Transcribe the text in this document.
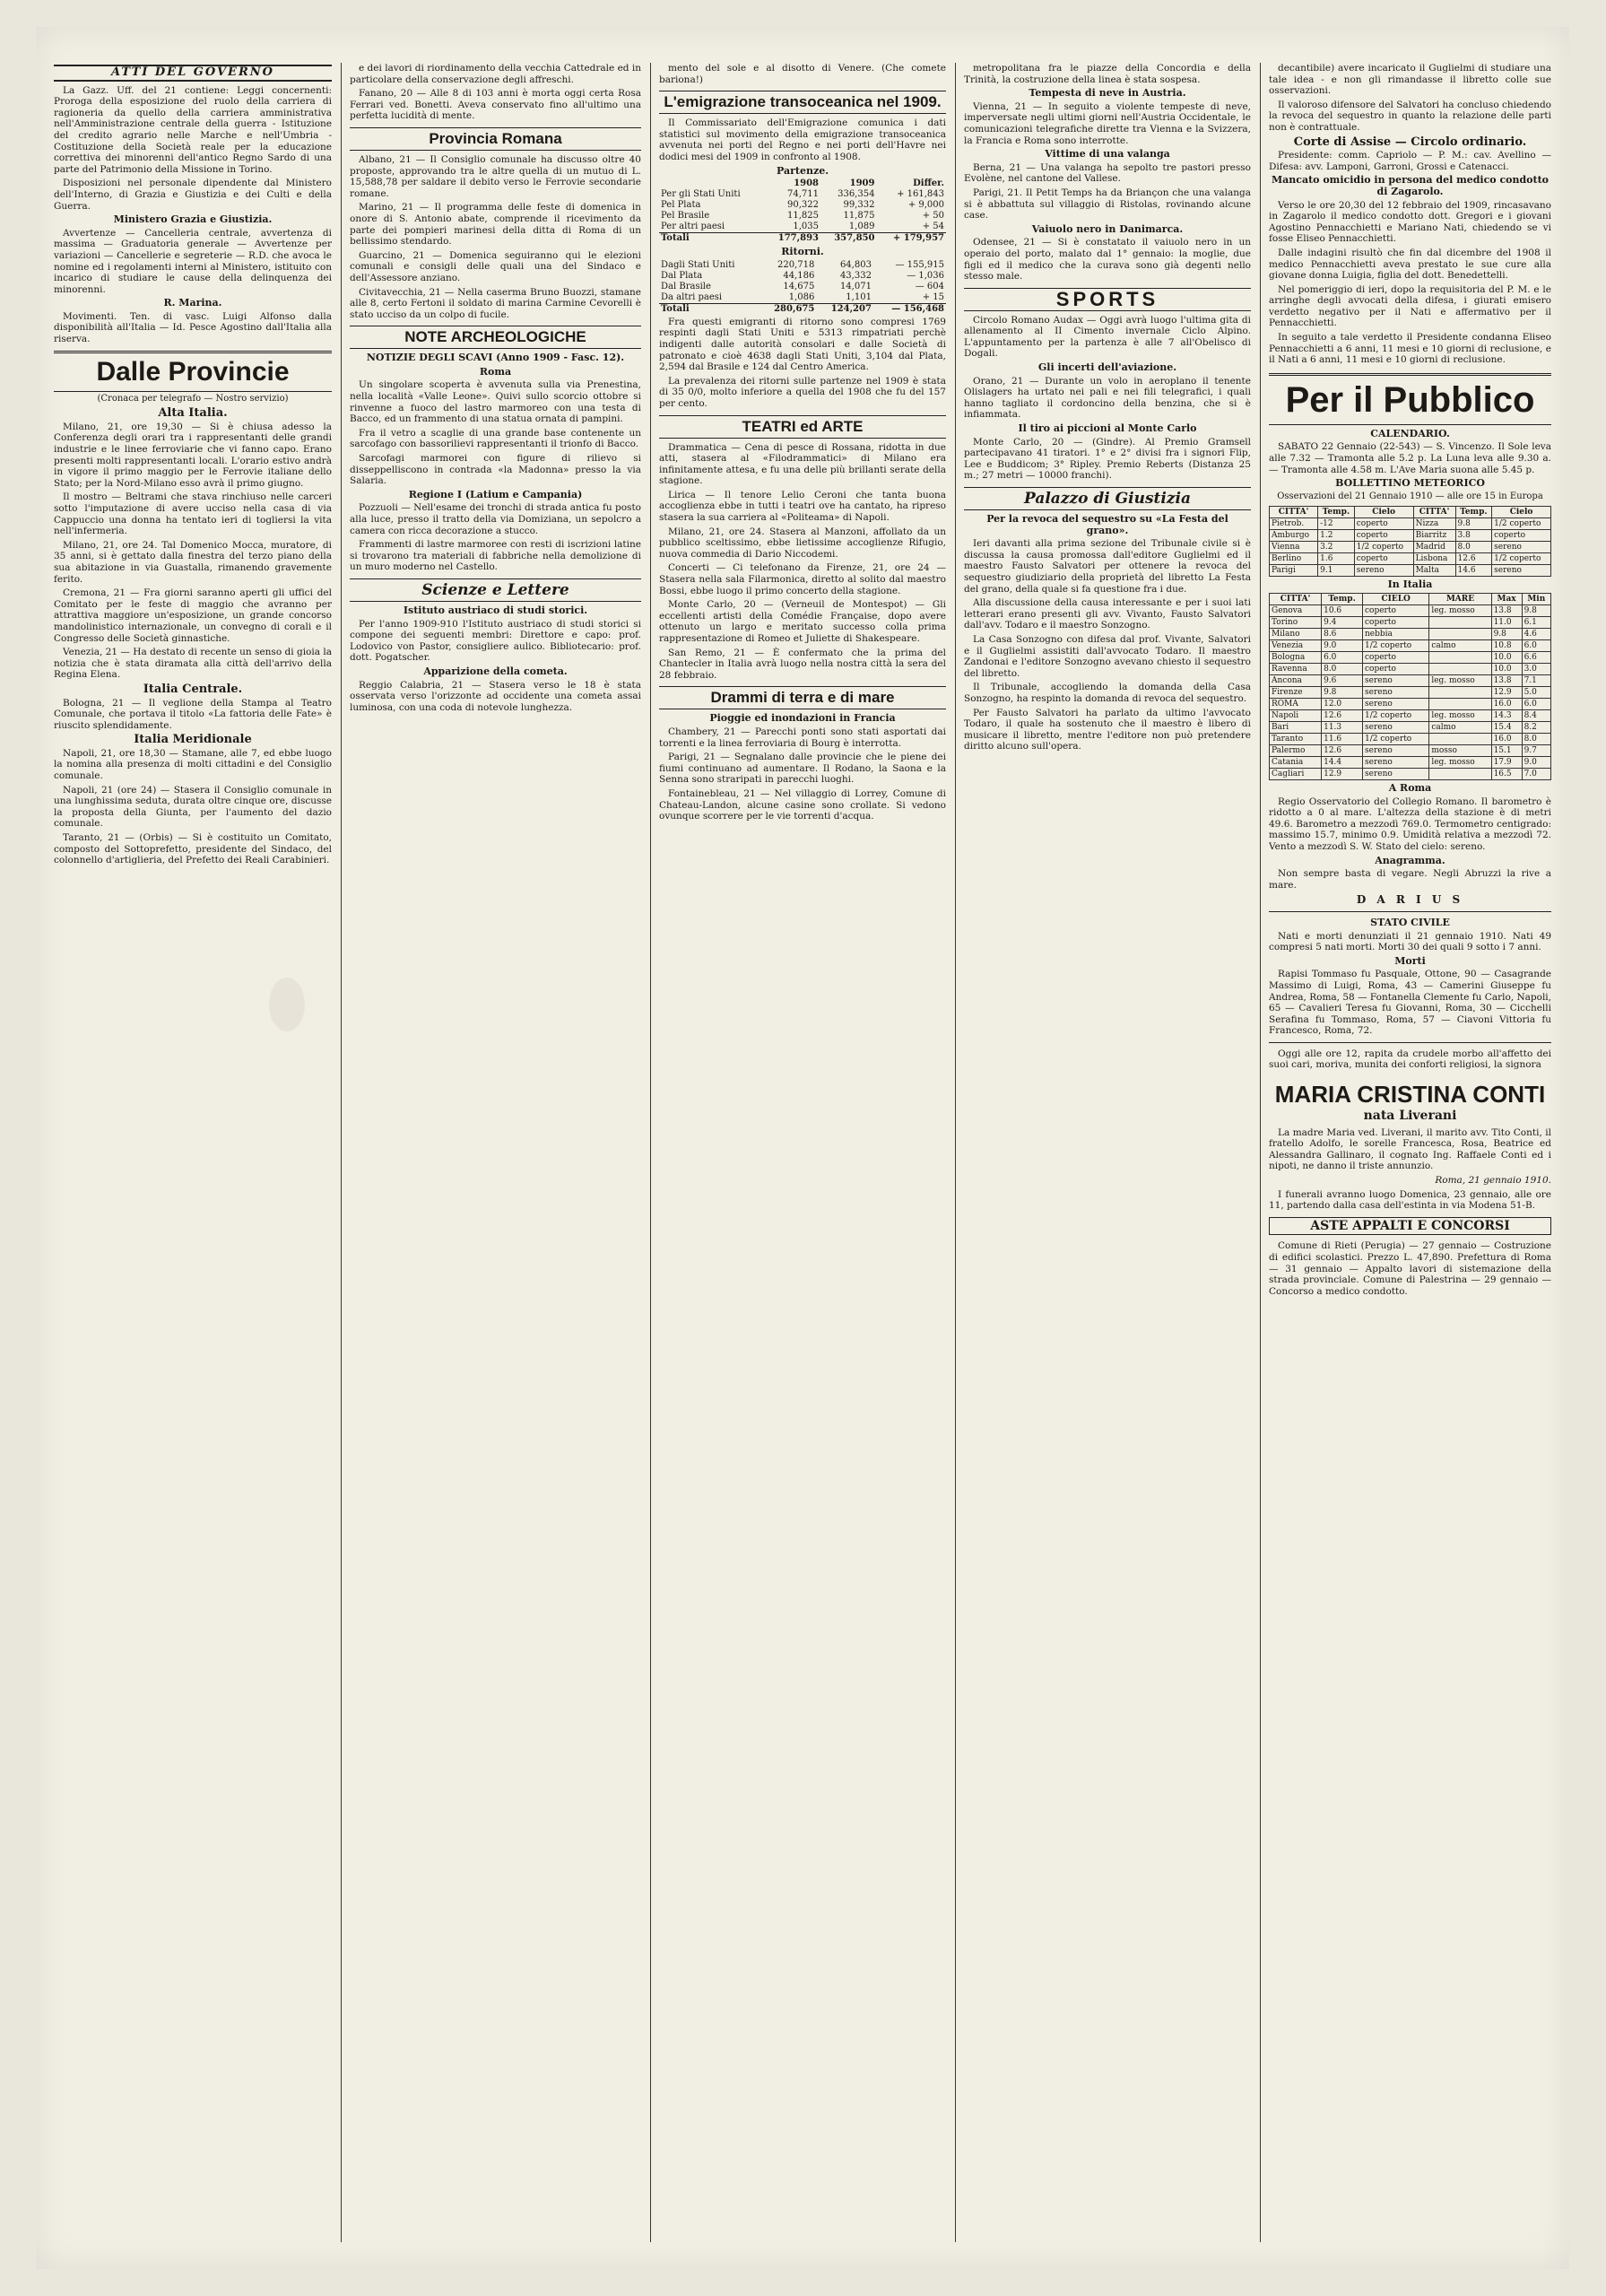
ATTI DEL GOVERNO

La Gazz. Uff. del 21 contiene: Leggi concernenti: Proroga della esposizione del ruolo della carriera di ragioneria da quello della carriera amministrativa nell'Amministrazione centrale della guerra - Istituzione del credito agrario nelle Marche e nell'Umbria - Costituzione della Società reale per la educazione correttiva dei minorenni dell'antico Regno Sardo di una parte del Patrimonio della Missione in Torino.

Disposizioni nel personale dipendente dal Ministero dell'Interno, di Grazia e Giustizia e dei Culti e della Guerra.

Ministero Grazia e Giustizia.

Avvertenze — Cancelleria centrale, avvertenza di massima — Graduatoria generale — Avvertenze per variazioni — Cancellerie e segreterie — R.D. che avoca le nomine ed i regolamenti interni al Ministero, istituito con incarico di studiare le cause della delinquenza dei minorenni.

R. Marina.

Movimenti. Ten. di vasc. Luigi Alfonso dalla disponibilità all'Italia — Id. Pesce Agostino dall'Italia alla riserva.

Dalle Provincie
(Cronaca per telegrafo — Nostro servizio)
Alta Italia.

Milano, 21, ore 19,30 — Si è chiusa adesso la Conferenza degli orari tra i rappresentanti delle grandi industrie e le linee ferroviarie che vi fanno capo. Erano presenti molti rappresentanti locali. L'orario estivo andrà in vigore il primo maggio per le Ferrovie italiane dello Stato; per la Nord-Milano esso avrà il primo giugno.

Il mostro — Beltrami che stava rinchiuso nelle carceri sotto l'imputazione di avere ucciso nella casa di via Cappuccio una donna ha tentato ieri di togliersi la vita nell'infermeria.

Milano, 21, ore 24. Tal Domenico Mocca, muratore, di 35 anni, si è gettato dalla finestra del terzo piano della sua abitazione in via Guastalla, rimanendo gravemente ferito.

Cremona, 21 — Fra giorni saranno aperti gli uffici del Comitato per le feste di maggio che avranno per attrattiva maggiore un'esposizione, un grande concorso mandolinistico internazionale, un convegno di corali e il Congresso delle Società ginnastiche.

Venezia, 21 — Ha destato di recente un senso di gioia la notizia che è stata diramata alla città dell'arrivo della Regina Elena.

Italia Centrale.

Bologna, 21 — Il veglione della Stampa al Teatro Comunale, che portava il titolo «La fattoria delle Fate» è riuscito splendidamente.

Italia Meridionale

Napoli, 21, ore 18,30 — Stamane, alle 7, ed ebbe luogo la nomina alla presenza di molti cittadini e del Consiglio comunale.

Napoli, 21 (ore 24) — Stasera il Consiglio comunale in una lunghissima seduta, durata oltre cinque ore, discusse la proposta della Giunta, per l'aumento del dazio comunale.

Taranto, 21 — (Orbis) — Si è costituito un Comitato, composto del Sottoprefetto, presidente del Sindaco, del colonnello d'artiglieria, del Prefetto dei Reali Carabinieri.

e dei lavori di riordinamento della vecchia Cattedrale ed in particolare della conservazione degli affreschi.

Fanano, 20 — Alle 8 di 103 anni è morta oggi certa Rosa Ferrari ved. Bonetti. Aveva conservato fino all'ultimo una perfetta lucidità di mente.

Provincia Romana

Albano, 21 — Il Consiglio comunale ha discusso oltre 40 proposte, approvando tra le altre quella di un mutuo di L. 15,588,78 per saldare il debito verso le Ferrovie secondarie romane.

Marino, 21 — Il programma delle feste di domenica in onore di S. Antonio abate, comprende il ricevimento da parte dei pompieri marinesi della ditta di Roma di un bellissimo stendardo.

Guarcino, 21 — Domenica seguiranno qui le elezioni comunali e consigli delle quali una del Sindaco e dell'Assessore anziano.

Civitavecchia, 21 — Nella caserma Bruno Buozzi, stamane alle 8, certo Fertoni il soldato di marina Carmine Cevorelli è stato ucciso da un colpo di fucile.

NOTE ARCHEOLOGICHE
NOTIZIE DEGLI SCAVI (Anno 1909 - Fasc. 12).
Roma

Un singolare scoperta è avvenuta sulla via Prenestina, nella località «Valle Leone». Quivi sullo scorcio ottobre si rinvenne a fuoco del lastro marmoreo con una testa di Bacco, ed un frammento di una statua ornata di pampini.

Fra il vetro a scaglie di una grande base contenente un sarcofago con bassorilievi rappresentanti il trionfo di Bacco.

Sarcofagi marmorei con figure di rilievo si disseppelliscono in contrada «la Madonna» presso la via Salaria.

Regione I (Latium e Campania)

Pozzuoli — Nell'esame dei tronchi di strada antica fu posto alla luce, presso il tratto della via Domiziana, un sepolcro a camera con ricca decorazione a stucco.

Frammenti di lastre marmoree con resti di iscrizioni latine si trovarono tra materiali di fabbriche nella demolizione di un muro moderno nel Castello.

Scienze e Lettere
Istituto austriaco di studi storici.

Per l'anno 1909-910 l'Istituto austriaco di studi storici si compone dei seguenti membri: Direttore e capo: prof. Lodovico von Pastor, consigliere aulico. Bibliotecario: prof. dott. Pogatscher.

Apparizione della cometa.

Reggio Calabria, 21 — Stasera verso le 18 è stata osservata verso l'orizzonte ad occidente una cometa assai luminosa, con una coda di notevole lunghezza.

mento del sole e al disotto di Venere. (Che comete bariona!)

L'emigrazione transoceanica nel 1909.

Il Commissariato dell'Emigrazione comunica i dati statistici sul movimento della emigrazione transoceanica avvenuta nei porti del Regno e nei porti dell'Havre nei dodici mesi del 1909 in confronto al 1908.

Partenze.
	1908	1909	Differ.
Per gli Stati Uniti	74,711	336,354	+ 161,843
Pel Plata	90,322	99,332	+ 9,000
Pel Brasile	11,825	11,875	+ 50
Per altri paesi	1,035	1,089	+ 54
Totali	177,893	357,850	+ 179,957
Ritorni.
Dagli Stati Uniti	220,718	64,803	— 155,915
Dal Plata	44,186	43,332	— 1,036
Dal Brasile	14,675	14,071	— 604
Da altri paesi	1,086	1,101	+ 15
Totali	280,675	124,207	— 156,468

Fra questi emigranti di ritorno sono compresi 1769 respinti dagli Stati Uniti e 5313 rimpatriati perchè indigenti dalle autorità consolari e dalle Società di patronato e cioè 4638 dagli Stati Uniti, 3,104 dal Plata, 2,594 dal Brasile e 124 dal Centro America.

La prevalenza dei ritorni sulle partenze nel 1909 è stata di 35 0/0, molto inferiore a quella del 1908 che fu del 157 per cento.

TEATRI ed ARTE

Drammatica — Cena di pesce di Rossana, ridotta in due atti, stasera al «Filodrammatici» di Milano era infinitamente attesa, e fu una delle più brillanti serate della stagione.

Lirica — Il tenore Lelio Ceroni che tanta buona accoglienza ebbe in tutti i teatri ove ha cantato, ha ripreso stasera la sua carriera al «Politeama» di Napoli.

Milano, 21, ore 24. Stasera al Manzoni, affollato da un pubblico sceltissimo, ebbe lietissime accoglienze Rifugio, nuova commedia di Dario Niccodemi.

Concerti — Ci telefonano da Firenze, 21, ore 24 — Stasera nella sala Filarmonica, diretto al solito dal maestro Bossi, ebbe luogo il primo concerto della stagione.

Monte Carlo, 20 — (Verneuil de Montespot) — Gli eccellenti artisti della Comédie Française, dopo avere ottenuto un largo e meritato successo colla prima rappresentazione di Romeo et Juliette di Shakespeare.

San Remo, 21 — È confermato che la prima del Chantecler in Italia avrà luogo nella nostra città la sera del 28 febbraio.

Drammi di terra e di mare
Pioggie ed inondazioni in Francia

Chambery, 21 — Parecchi ponti sono stati asportati dai torrenti e la linea ferroviaria di Bourg è interrotta.

Parigi, 21 — Segnalano dalle provincie che le piene dei fiumi continuano ad aumentare. Il Rodano, la Saona e la Senna sono straripati in parecchi luoghi.

Fontainebleau, 21 — Nel villaggio di Lorrey, Comune di Chateau-Landon, alcune casine sono crollate. Si vedono ovunque scorrere per le vie torrenti d'acqua.

metropolitana fra le piazze della Concordia e della Trinità, la costruzione della linea è stata sospesa.

Tempesta di neve in Austria.

Vienna, 21 — In seguito a violente tempeste di neve, imperversate negli ultimi giorni nell'Austria Occidentale, le comunicazioni telegrafiche dirette tra Vienna e la Svizzera, la Francia e Roma sono interrotte.

Vittime di una valanga

Berna, 21 — Una valanga ha sepolto tre pastori presso Evolène, nel cantone del Vallese.

Parigi, 21. Il Petit Temps ha da Briançon che una valanga si è abbattuta sul villaggio di Ristolas, rovinando alcune case.

Vaiuolo nero in Danimarca.

Odensee, 21 — Si è constatato il vaiuolo nero in un operaio del porto, malato dal 1° gennaio: la moglie, due figli ed il medico che la curava sono già degenti nello stesso male.

SPORTS

Circolo Romano Audax — Oggi avrà luogo l'ultima gita di allenamento al II Cimento invernale Ciclo Alpino. L'appuntamento per la partenza è alle 7 all'Obelisco di Dogali.

Gli incerti dell'aviazione.

Orano, 21 — Durante un volo in aeroplano il tenente Olislagers ha urtato nei pali e nei fili telegrafici, i quali hanno tagliato il cordoncino della benzina, che si è infiammata.

Il tiro ai piccioni al Monte Carlo

Monte Carlo, 20 — (Gindre). Al Premio Gramsell partecipavano 41 tiratori. 1° e 2° divisi fra i signori Flip, Lee e Buddicom; 3° Ripley. Premio Reberts (Distanza 25 m.; 27 metri — 10000 franchi).

Palazzo di Giustizia
Per la revoca del sequestro su «La Festa del grano».

Ieri davanti alla prima sezione del Tribunale civile si è discussa la causa promossa dall'editore Guglielmi ed il maestro Fausto Salvatori per ottenere la revoca del sequestro giudiziario della proprietà del libretto La Festa del grano, della quale si fa questione fra i due.

Alla discussione della causa interessante e per i suoi lati letterari erano presenti gli avv. Vivanto, Fausto Salvatori dall'avv. Todaro e il maestro Sonzogno.

La Casa Sonzogno con difesa dal prof. Vivante, Salvatori e il Guglielmi assistiti dall'avvocato Todaro. Il maestro Zandonai e l'editore Sonzogno avevano chiesto il sequestro del libretto.

Il Tribunale, accogliendo la domanda della Casa Sonzogno, ha respinto la domanda di revoca del sequestro.

Per Fausto Salvatori ha parlato da ultimo l'avvocato Todaro, il quale ha sostenuto che il maestro è libero di musicare il libretto, mentre l'editore non può pretendere diritto alcuno sull'opera.

decantibile) avere incaricato il Guglielmi di studiare una tale idea - e non gli rimandasse il libretto colle sue osservazioni.

Il valoroso difensore del Salvatori ha concluso chiedendo la revoca del sequestro in quanto la relazione delle parti non è contrattuale.

Corte di Assise — Circolo ordinario.

Presidente: comm. Capriolo — P. M.: cav. Avellino — Difesa: avv. Lamponi, Garroni, Grossi e Catenacci.

Mancato omicidio in persona del medico condotto di Zagarolo.

Verso le ore 20,30 del 12 febbraio del 1909, rincasavano in Zagarolo il medico condotto dott. Gregori e i giovani Agostino Pennacchietti e Mariano Nati, chiedendo se vi fosse Eliseo Pennacchietti.

Dalle indagini risultò che fin dal dicembre del 1908 il medico Pennacchietti aveva prestato le sue cure alla giovane donna Luigia, figlia del dott. Benedettelli.

Nel pomeriggio di ieri, dopo la requisitoria del P. M. e le arringhe degli avvocati della difesa, i giurati emisero verdetto negativo per il Nati e affermativo per il Pennacchietti.

In seguito a tale verdetto il Presidente condanna Eliseo Pennacchietti a 6 anni, 11 mesi e 10 giorni di reclusione, e il Nati a 6 anni, 11 mesi e 10 giorni di reclusione.

Per il Pubblico
CALENDARIO.

SABATO 22 Gennaio (22-543) — S. Vincenzo. Il Sole leva alle 7.32 — Tramonta alle 5.2 p. La Luna leva alle 9.30 a. — Tramonta alle 4.58 m. L'Ave Maria suona alle 5.45 p.

BOLLETTINO METEORICO
Osservazioni del 21 Gennaio 1910 — alle ore 15 in Europa
CITTA'	Temp.	Cielo	CITTA'	Temp.	Cielo
Pietrob.	-12	coperto	Nizza	9.8	1/2 coperto
Amburgo	1.2	coperto	Biarritz	3.8	coperto
Vienna	3.2	1/2 coperto	Madrid	8.0	sereno
Berlino	1.6	coperto	Lisbona	12.6	1/2 coperto
Parigi	9.1	sereno	Malta	14.6	sereno
In Italia
CITTA'	Temp.	CIELO	MARE	Max	Min
Genova	10.6	coperto	leg. mosso	13.8	9.8
Torino	9.4	coperto		11.0	6.1
Milano	8.6	nebbia		9.8	4.6
Venezia	9.0	1/2 coperto	calmo	10.8	6.0
Bologna	6.0	coperto		10.0	6.6
Ravenna	8.0	coperto		10.0	3.0
Ancona	9.6	sereno	leg. mosso	13.8	7.1
Firenze	9.8	sereno		12.9	5.0
ROMA	12.0	sereno		16.0	6.0
Napoli	12.6	1/2 coperto	leg. mosso	14.3	8.4
Bari	11.3	sereno	calmo	15.4	8.2
Taranto	11.6	1/2 coperto		16.0	8.0
Palermo	12.6	sereno	mosso	15.1	9.7
Catania	14.4	sereno	leg. mosso	17.9	9.0
Cagliari	12.9	sereno		16.5	7.0
A Roma

Regio Osservatorio del Collegio Romano. Il barometro è ridotto a 0 al mare. L'altezza della stazione è di metri 49.6. Barometro a mezzodì 769.0. Termometro centigrado: massimo 15.7, minimo 0.9. Umidità relativa a mezzodì 72. Vento a mezzodì S. W. Stato del cielo: sereno.

Anagramma.

Non sempre basta di vegare. Negli Abruzzi la rive a mare.

D A R I U S
STATO CIVILE

Nati e morti denunziati il 21 gennaio 1910. Nati 49 compresi 5 nati morti. Morti 30 dei quali 9 sotto i 7 anni.

Morti

Rapisi Tommaso fu Pasquale, Ottone, 90 — Casagrande Massimo di Luigi, Roma, 43 — Camerini Giuseppe fu Andrea, Roma, 58 — Fontanella Clemente fu Carlo, Napoli, 65 — Cavalieri Teresa fu Giovanni, Roma, 30 — Cicchelli Serafina fu Tommaso, Roma, 57 — Ciavoni Vittoria fu Francesco, Roma, 72.

Oggi alle ore 12, rapita da crudele morbo all'affetto dei suoi cari, moriva, munita dei conforti religiosi, la signora

MARIA CRISTINA CONTI
nata Liverani

La madre Maria ved. Liverani, il marito avv. Tito Conti, il fratello Adolfo, le sorelle Francesca, Rosa, Beatrice ed Alessandra Gallinaro, il cognato Ing. Raffaele Conti ed i nipoti, ne danno il triste annunzio.

Roma, 21 gennaio 1910.

I funerali avranno luogo Domenica, 23 gennaio, alle ore 11, partendo dalla casa dell'estinta in via Modena 51-B.

ASTE APPALTI E CONCORSI

Comune di Rieti (Perugia) — 27 gennaio — Costruzione di edifici scolastici. Prezzo L. 47,890. Prefettura di Roma — 31 gennaio — Appalto lavori di sistemazione della strada provinciale. Comune di Palestrina — 29 gennaio — Concorso a medico condotto.
